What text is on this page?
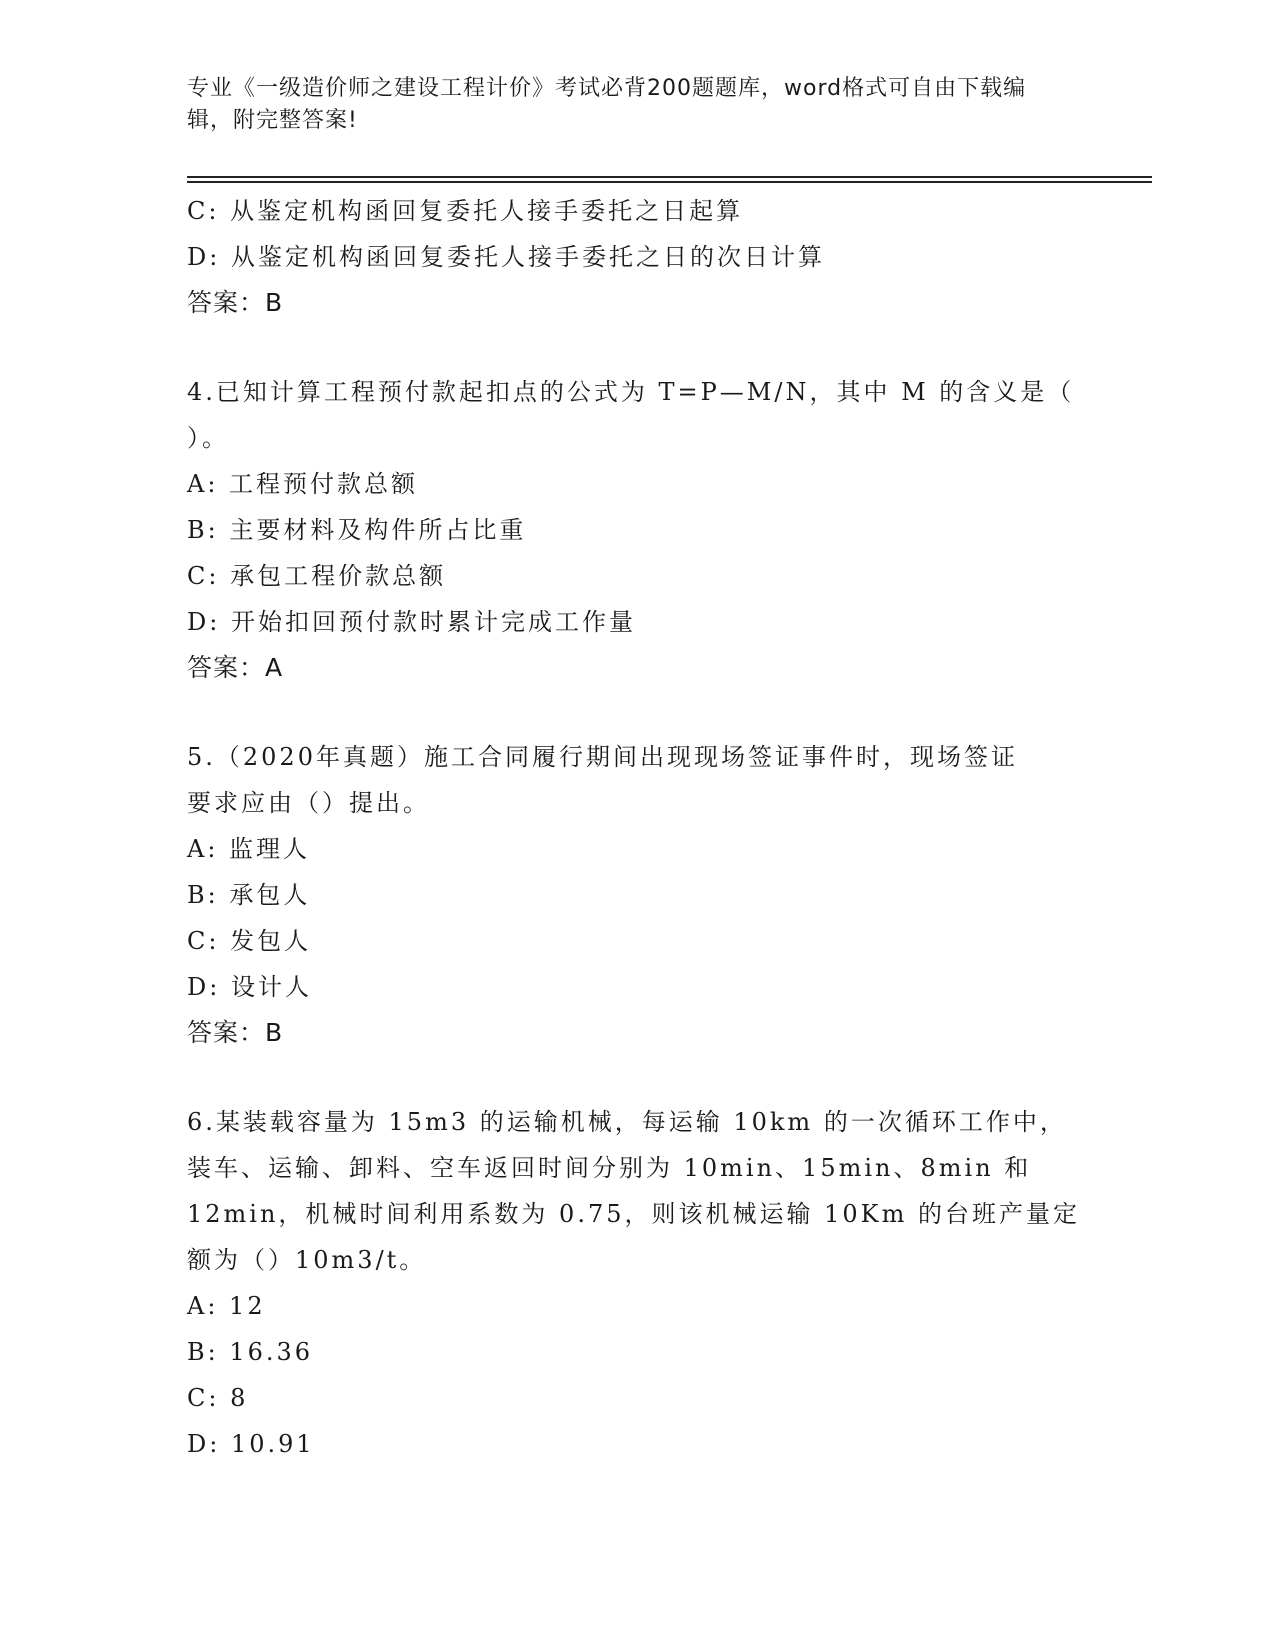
专业《一级造价师之建设工程计价》考试必背200题题库，word格式可自由下载编辑，附完整答案!
C: 从鉴定机构函回复委托人接手委托之日起算
D: 从鉴定机构函回复委托人接手委托之日的次日计算
答案：B
4.已知计算工程预付款起扣点的公式为 T=P—M/N，其中 M 的含义是（
）。
A: 工程预付款总额
B: 主要材料及构件所占比重
C: 承包工程价款总额
D: 开始扣回预付款时累计完成工作量
答案：A
5.（2020年真题）施工合同履行期间出现现场签证事件时，现场签证
要求应由（）提出。
A: 监理人
B: 承包人
C: 发包人
D: 设计人
答案：B
6.某装载容量为 15m3 的运输机械，每运输 10km 的一次循环工作中，
装车、运输、卸料、空车返回时间分别为 10min、15min、8min 和
12min，机械时间利用系数为 0.75，则该机械运输 10Km 的台班产量定
额为（）10m3/t。
A: 12
B: 16.36
C: 8
D: 10.91
